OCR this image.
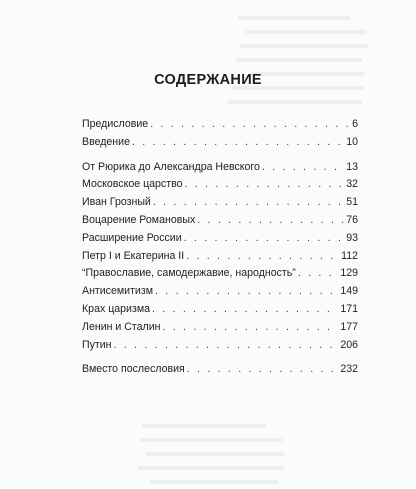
СОДЕРЖАНИЕ
Предисловие . . .	6
Введение . . .	10
От Рюрика до Александра Невского . . .	13
Московское царство . . .	32
Иван Грозный . . .	51
Воцарение Романовых . . .	76
Расширение России . . .	93
Петр I и Екатерина II . . .	112
“Православие, самодержавие, народность” . . .	129
Антисемитизм . . .	149
Крах царизма . . .	171
Ленин и Сталин . . .	177
Путин . . .	206
Вместо послесловия . . .	232
